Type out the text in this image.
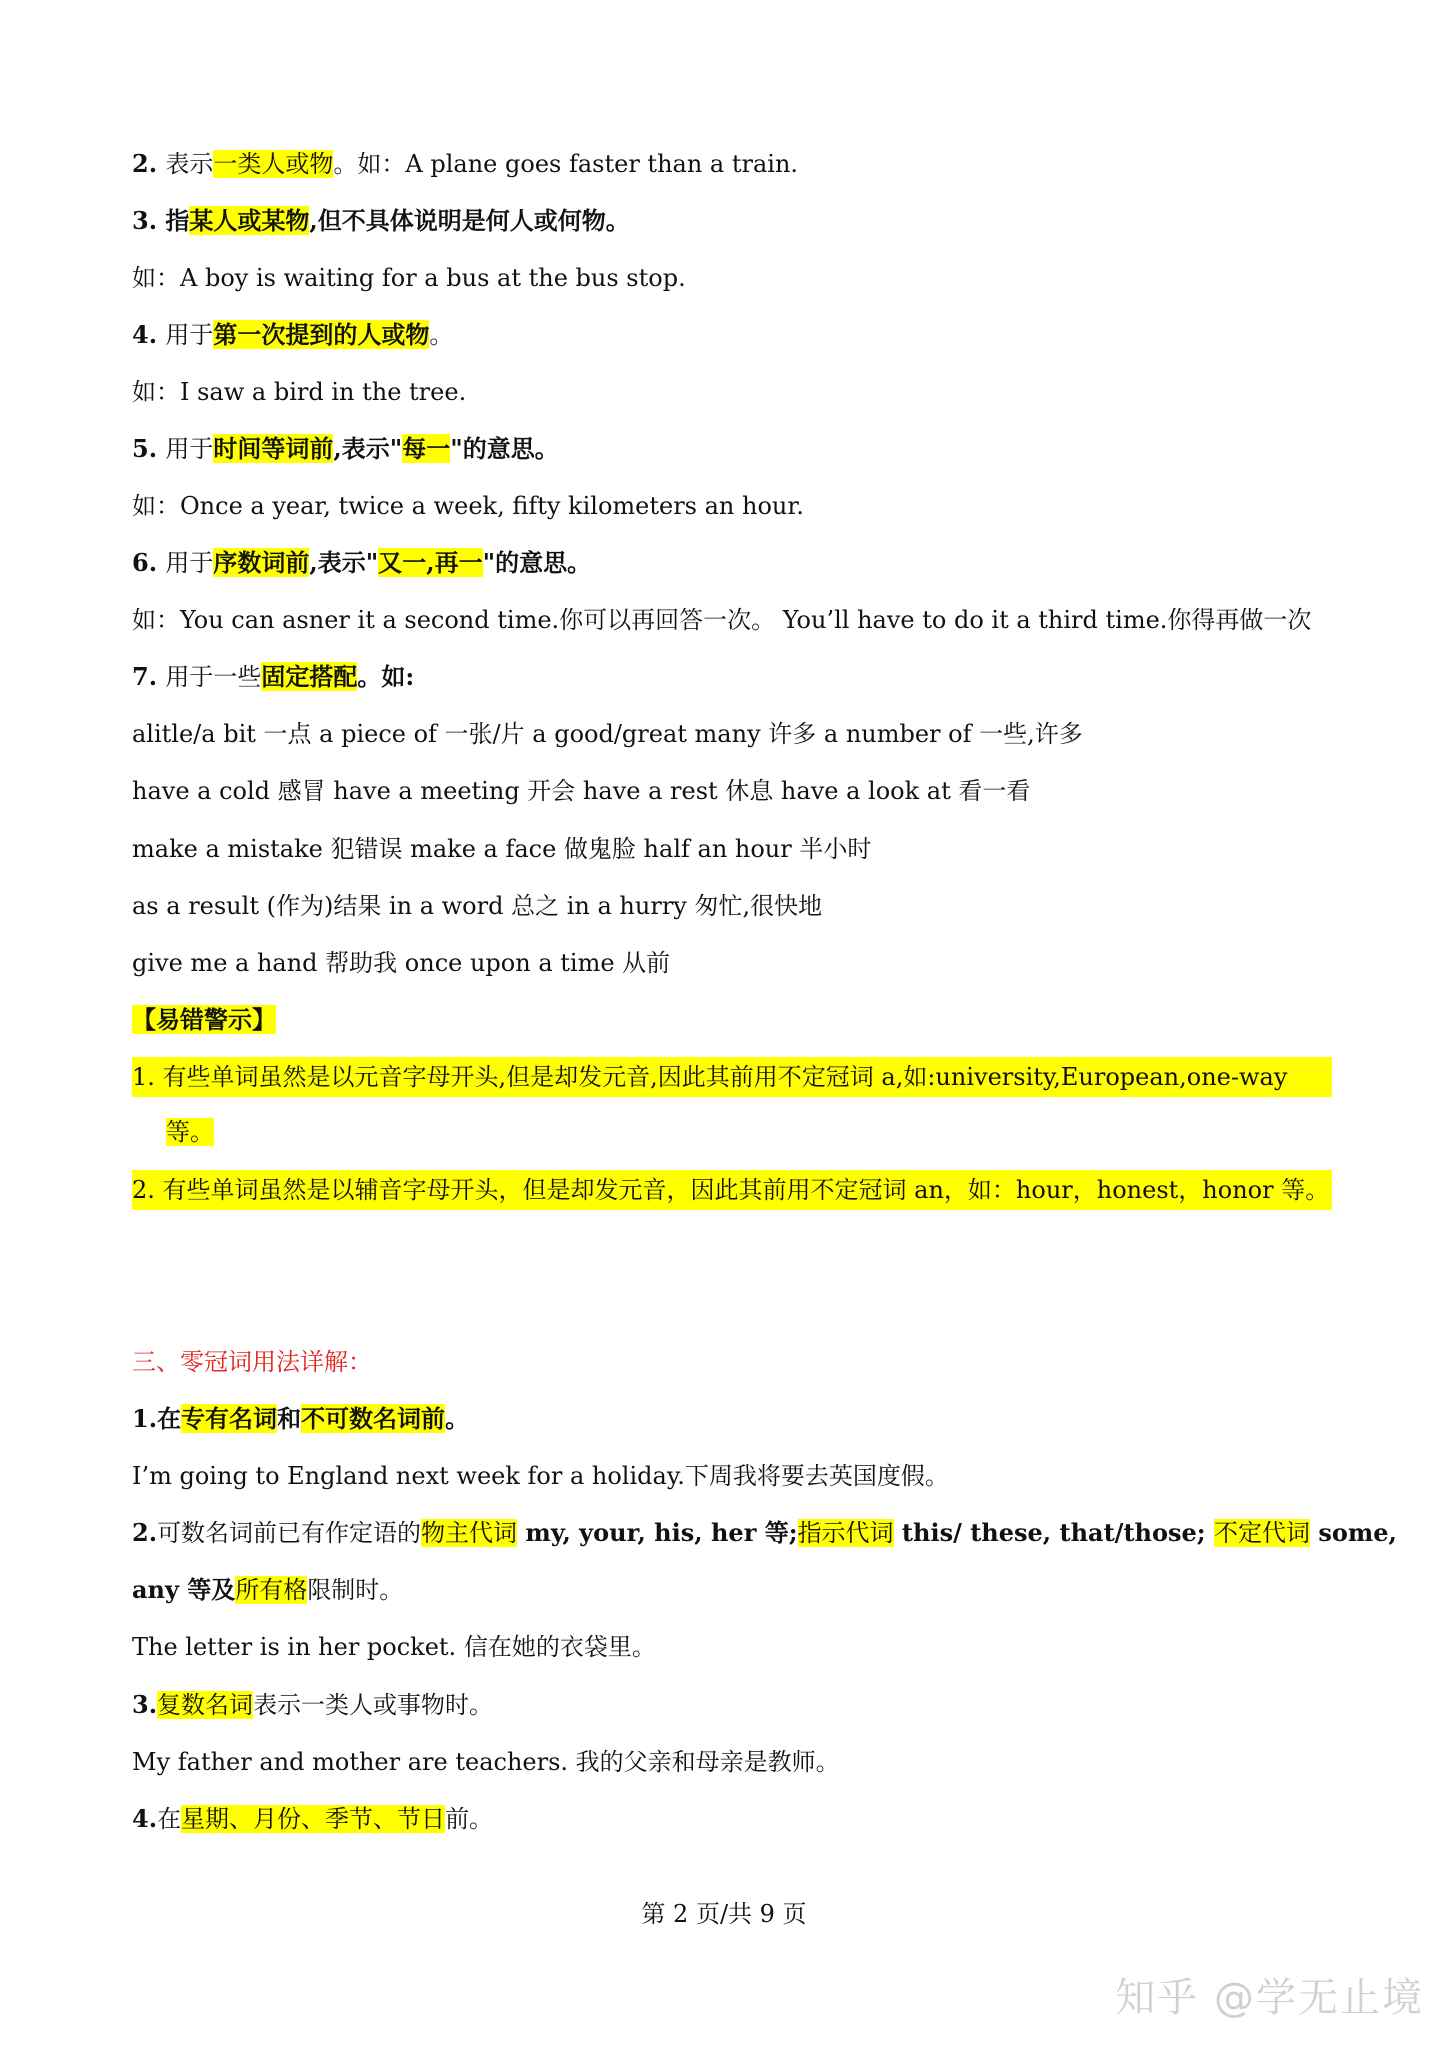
2. 表示一类人或物。如：A plane goes faster than a train.
3. 指某人或某物,但不具体说明是何人或何物。
如：A boy is waiting for a bus at the bus stop.
4. 用于第一次提到的人或物。
如：I saw a bird in the tree.
5. 用于时间等词前,表示"每一"的意思。
如：Once a year, twice a week, fifty kilometers an hour.
6. 用于序数词前,表示"又一,再一"的意思。
如：You can asner it a second time.你可以再回答一次。 You’ll have to do it a third time.你得再做一次
7. 用于一些固定搭配。如:
alitle/a bit 一点 a piece of 一张/片 a good/great many 许多 a number of 一些,许多
have a cold 感冒 have a meeting 开会 have a rest 休息 have a look at 看一看
make a mistake 犯错误 make a face 做鬼脸 half an hour 半小时
as a result (作为)结果 in a word 总之 in a hurry 匆忙,很快地
give me a hand 帮助我 once upon a time 从前
【易错警示】
1. 有些单词虽然是以元音字母开头,但是却发元音,因此其前用不定冠词 a,如:university,European,one-way
等。
2. 有些单词虽然是以辅音字母开头，但是却发元音，因此其前用不定冠词 an，如：hour，honest，honor 等。
三、零冠词用法详解：
1.在专有名词和不可数名词前。
I’m going to England next week for a holiday.下周我将要去英国度假。
2.可数名词前已有作定语的物主代词 my, your, his, her 等;指示代词 this/ these, that/those; 不定代词 some,
any 等及所有格限制时。
The letter is in her pocket. 信在她的衣袋里。
3.复数名词表示一类人或事物时。
My father and mother are teachers. 我的父亲和母亲是教师。
4.在星期、月份、季节、节日前。
第 2 页/共 9 页
知乎 @学无止境
